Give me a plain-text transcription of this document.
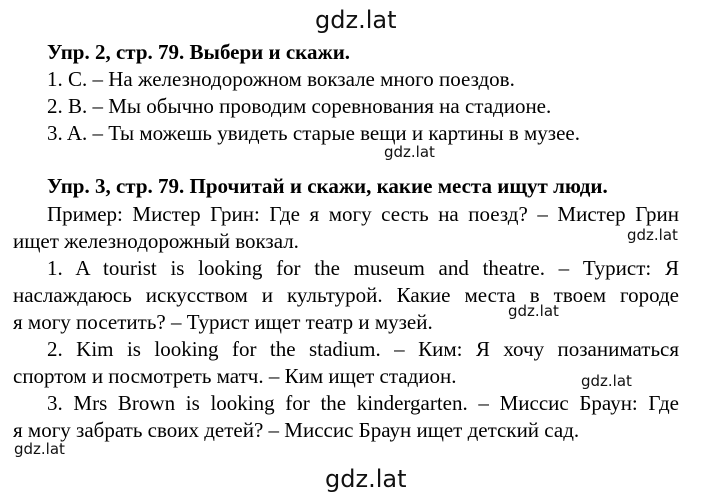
gdz.lat
gdz.lat
gdz.lat
gdz.lat
gdz.lat
gdz.lat
gdz.lat
Упр. 2, стр. 79. Выбери и скажи.
1. C. – На железнодорожном вокзале много поездов.
2. B. – Мы обычно проводим соревнования на стадионе.
3. A. – Ты можешь увидеть старые вещи и картины в музее.
Упр. 3, стр. 79. Прочитай и скажи, какие места ищут люди.
Пример: Мистер Грин: Где я могу сесть на поезд? – Мистер Грин
ищет железнодорожный вокзал.
1. A tourist is looking for the museum and theatre. – Турист: Я
наслаждаюсь искусством и культурой. Какие места в твоем городе
я могу посетить? – Турист ищет театр и музей.
2. Kim is looking for the stadium. – Ким: Я хочу позаниматься
спортом и посмотреть матч. – Ким ищет стадион.
3. Mrs Brown is looking for the kindergarten. – Миссис Браун: Где
я могу забрать своих детей? – Миссис Браун ищет детский сад.
